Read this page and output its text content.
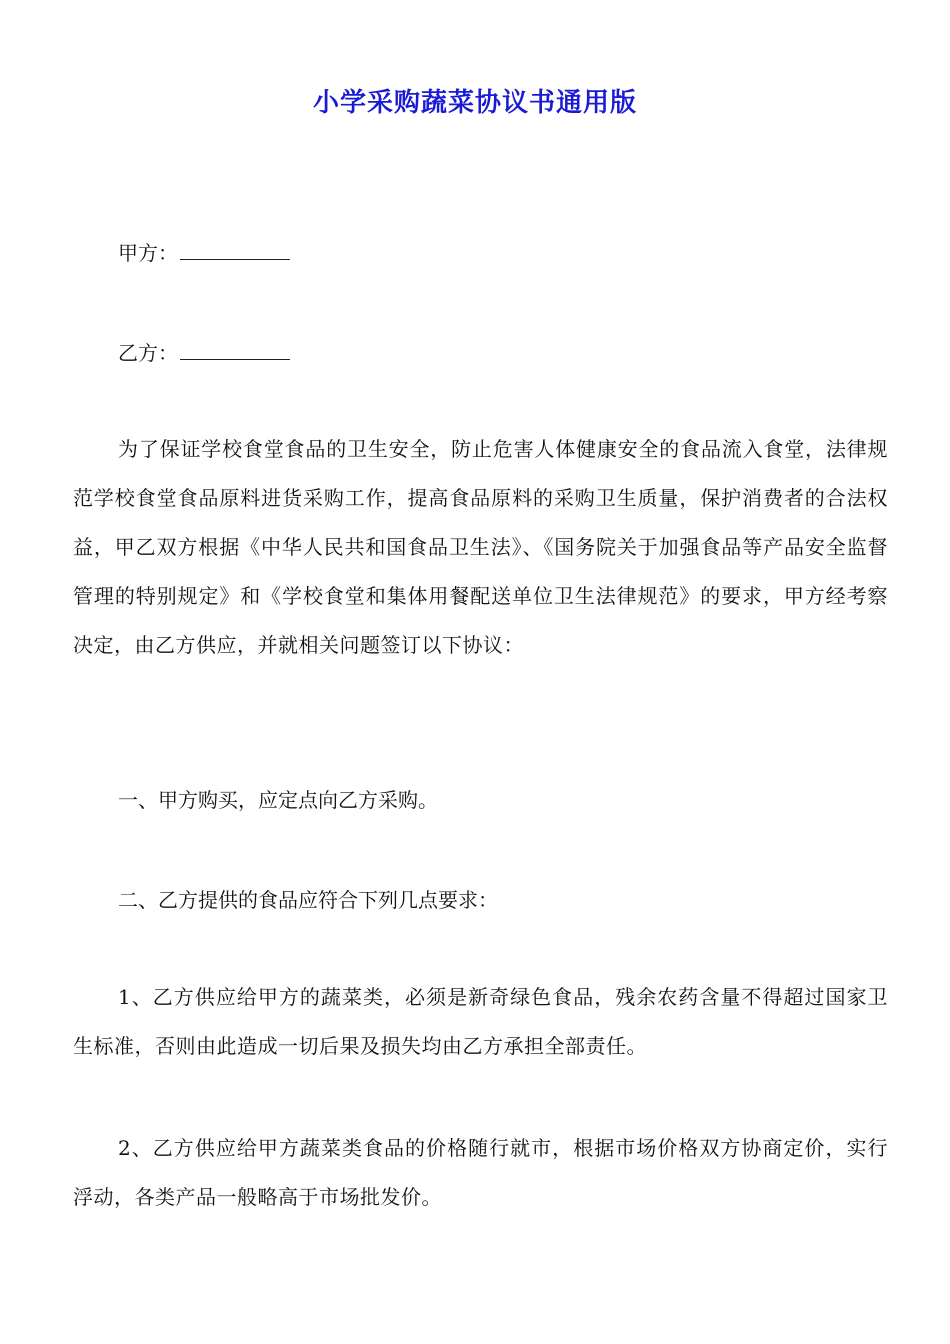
小学采购蔬菜协议书通用版
甲方：
乙方：

为了保证学校食堂食品的卫生安全，防止危害人体健康安全的食品流入食堂，法律规范学校食堂食品原料进货采购工作，提高食品原料的采购卫生质量，保护消费者的合法权益，甲乙双方根据《中华人民共和国食品卫生法》、《国务院关于加强食品等产品安全监督管理的特别规定》和《学校食堂和集体用餐配送单位卫生法律规范》的要求，甲方经考察决定，由乙方供应，并就相关问题签订以下协议：

一、甲方购买，应定点向乙方采购。
二、乙方提供的食品应符合下列几点要求：

1、乙方供应给甲方的蔬菜类，必须是新奇绿色食品，残余农药含量不得超过国家卫生标准，否则由此造成一切后果及损失均由乙方承担全部责任。

2、乙方供应给甲方蔬菜类食品的价格随行就市，根据市场价格双方协商定价，实行浮动，各类产品一般略高于市场批发价。
